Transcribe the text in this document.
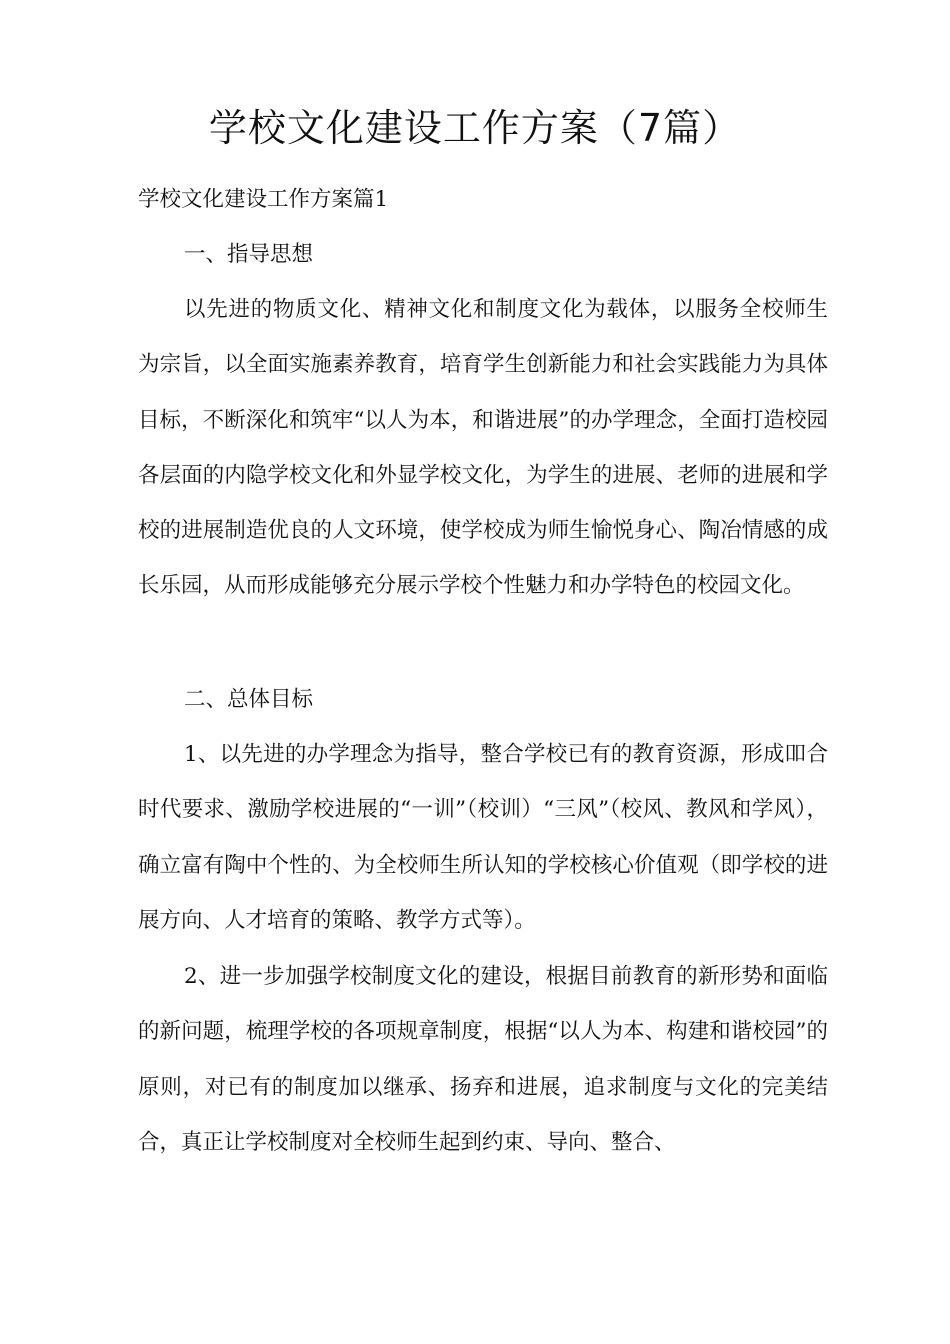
学校文化建设工作方案（7篇）

学校文化建设工作方案篇1

一、指导思想

以先进的物质文化、精神文化和制度文化为载体，以服务全校师生为宗旨，以全面实施素养教育，培育学生创新能力和社会实践能力为具体目标，不断深化和筑牢“以人为本，和谐进展”的办学理念，全面打造校园各层面的内隐学校文化和外显学校文化，为学生的进展、老师的进展和学校的进展制造优良的人文环境，使学校成为师生愉悦身心、陶冶情感的成长乐园，从而形成能够充分展示学校个性魅力和办学特色的校园文化。

二、总体目标

1、以先进的办学理念为指导，整合学校已有的教育资源，形成吅合时代要求、激励学校进展的“一训”（校训）“三风”（校风、教风和学风），确立富有陶中个性的、为全校师生所认知的学校核心价值观（即学校的进展方向、人才培育的策略、教学方式等）。

2、进一步加强学校制度文化的建设，根据目前教育的新形势和面临的新问题，梳理学校的各项规章制度，根据“以人为本、构建和谐校园”的原则，对已有的制度加以继承、扬弃和进展，追求制度与文化的完美结合，真正让学校制度对全校师生起到约束、导向、整合、
